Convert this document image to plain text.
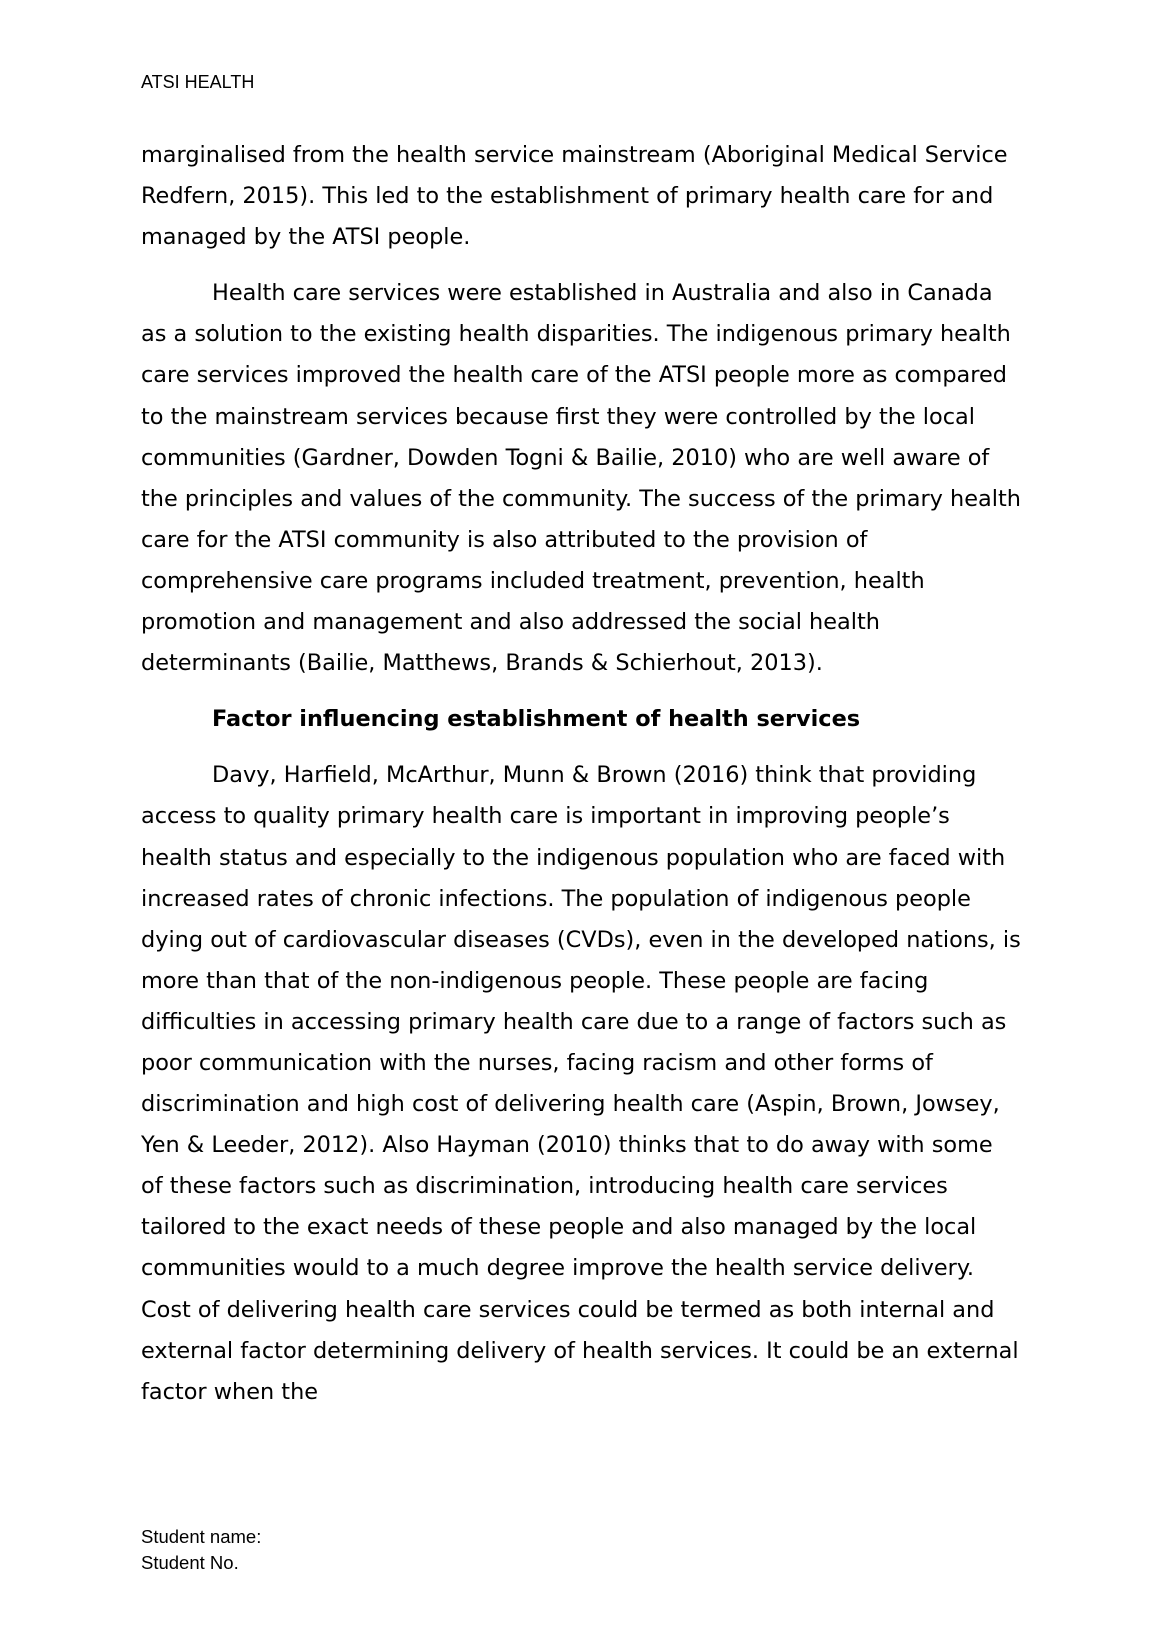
ATSI HEALTH

marginalised from the health service mainstream (Aboriginal Medical Service Redfern, 2015). This led to the establishment of primary health care for and managed by the ATSI people.

Health care services were established in Australia and also in Canada as a solution to the existing health disparities. The indigenous primary health care services improved the health care of the ATSI people more as compared to the mainstream services because first they were controlled by the local communities (Gardner, Dowden Togni & Bailie, 2010) who are well aware of the principles and values of the community. The success of the primary health care for the ATSI community is also attributed to the provision of comprehensive care programs included treatment, prevention, health promotion and management and also addressed the social health determinants (Bailie, Matthews, Brands & Schierhout, 2013).

Factor influencing establishment of health services

Davy, Harfield, McArthur, Munn & Brown (2016) think that providing access to quality primary health care is important in improving people’s health status and especially to the indigenous population who are faced with increased rates of chronic infections. The population of indigenous people dying out of cardiovascular diseases (CVDs), even in the developed nations, is more than that of the non-indigenous people. These people are facing difficulties in accessing primary health care due to a range of factors such as poor communication with the nurses, facing racism and other forms of discrimination and high cost of delivering health care (Aspin, Brown, Jowsey, Yen & Leeder, 2012). Also Hayman (2010) thinks that to do away with some of these factors such as discrimination, introducing health care services tailored to the exact needs of these people and also managed by the local communities would to a much degree improve the health service delivery. Cost of delivering health care services could be termed as both internal and external factor determining delivery of health services. It could be an external factor when the

Student name:
Student No.
